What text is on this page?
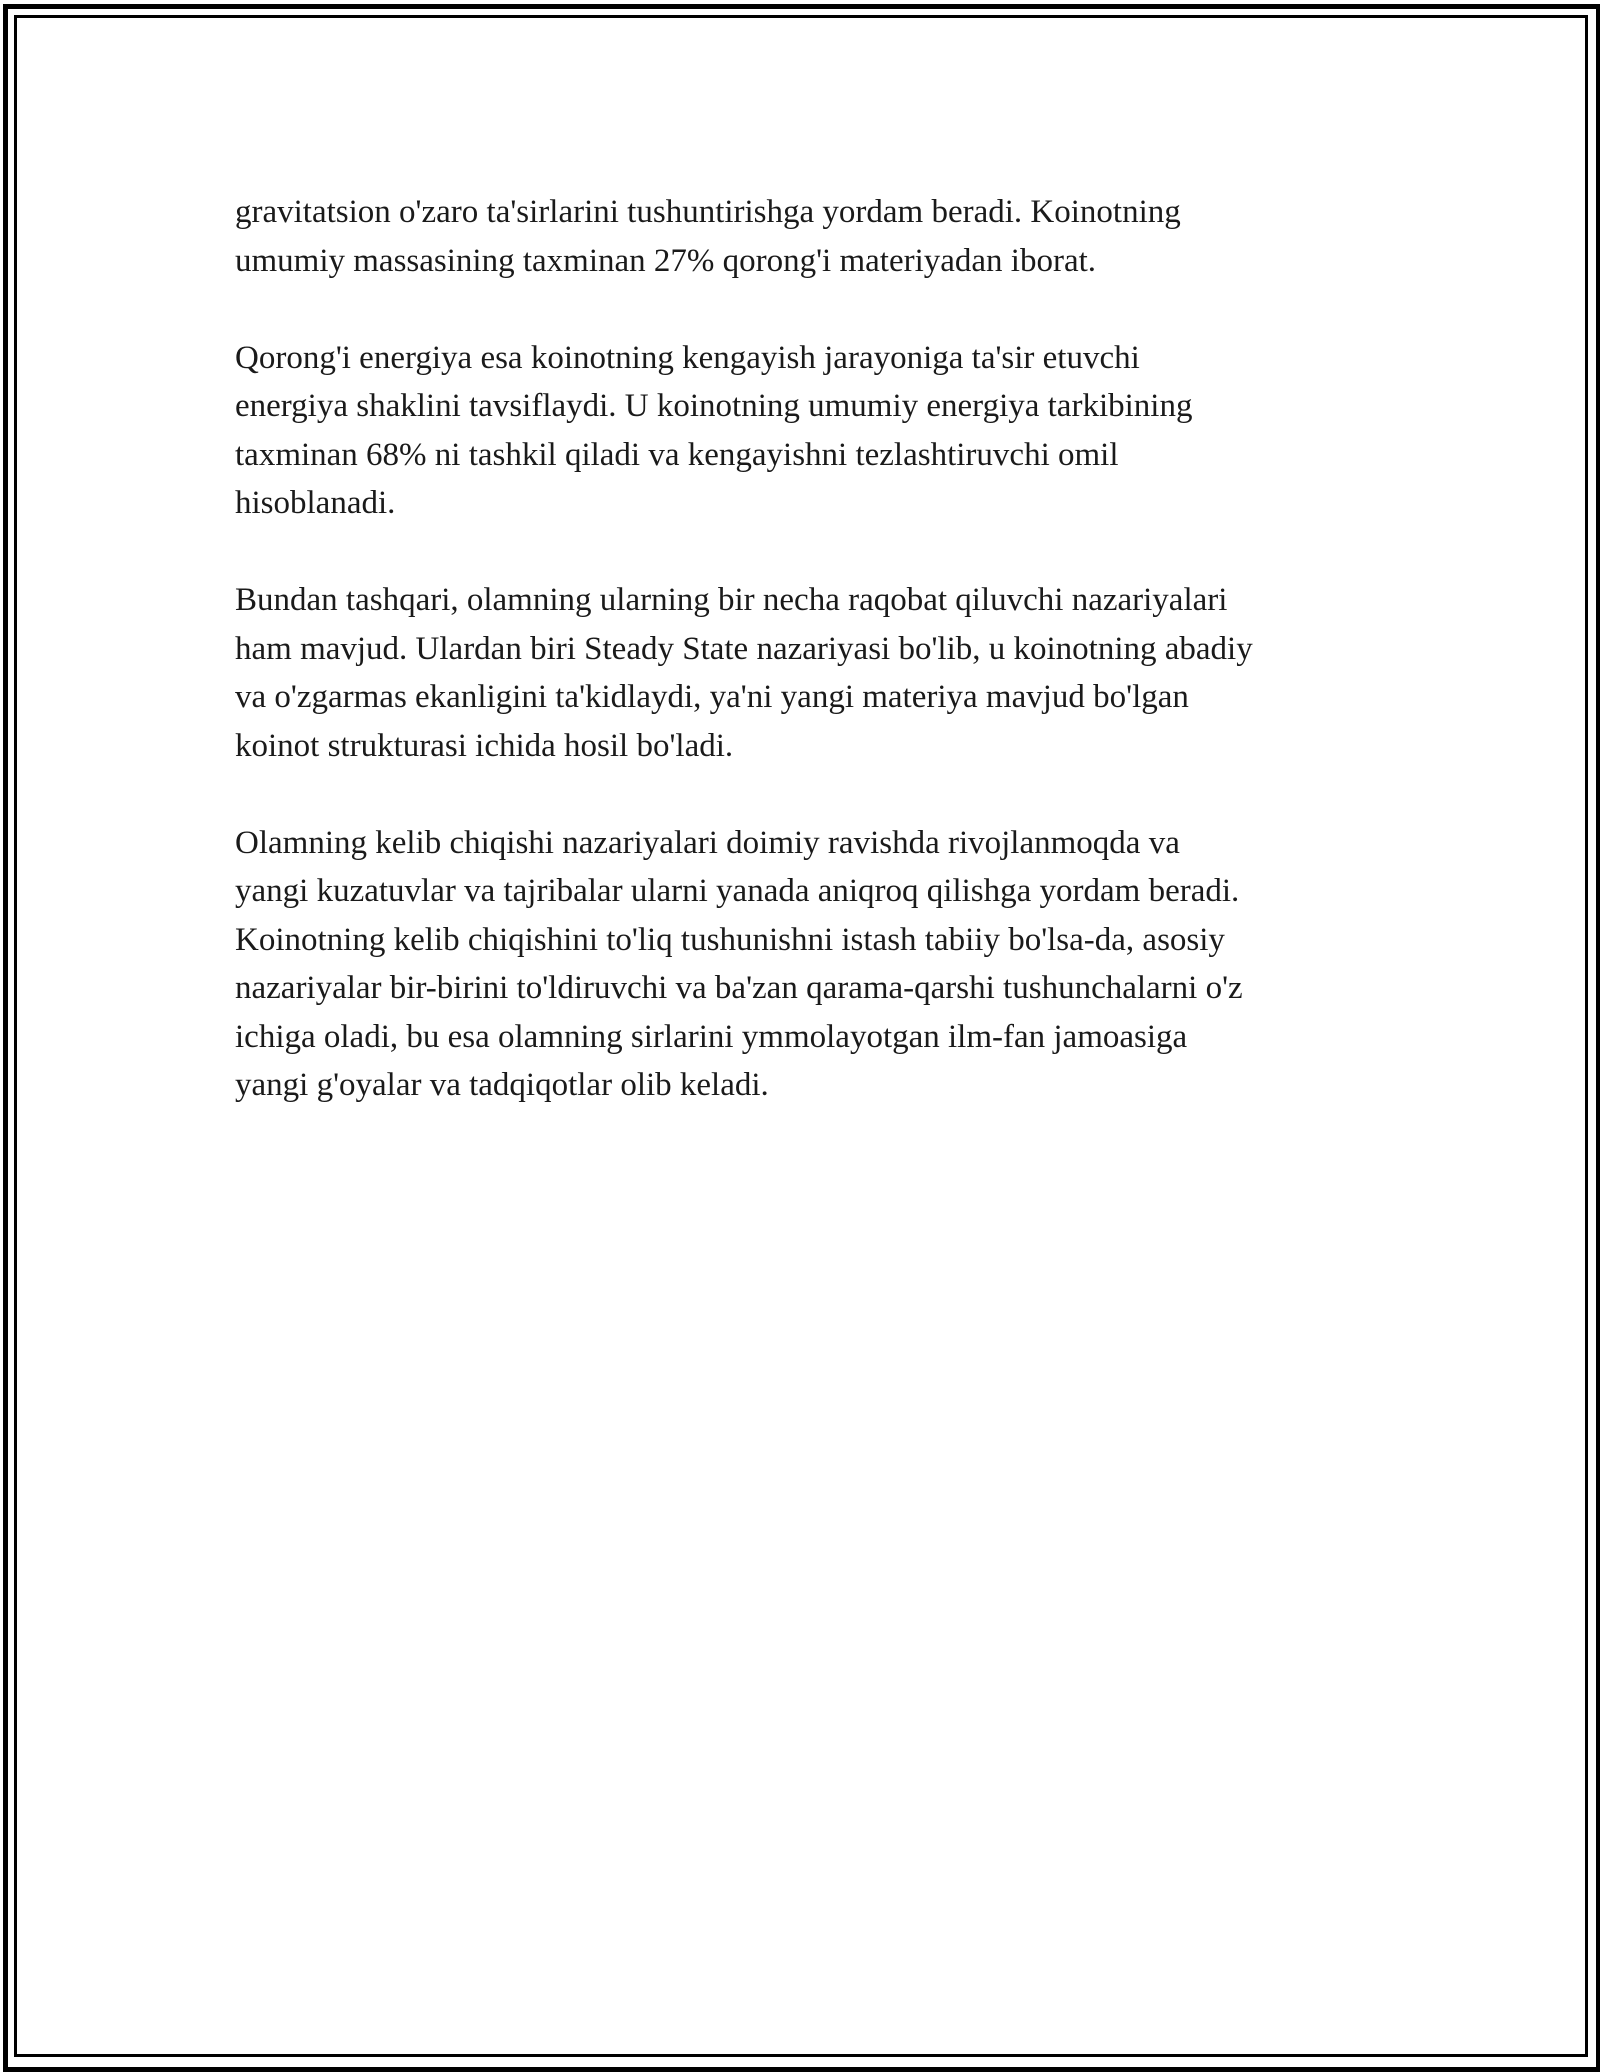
gravitatsion o'zaro ta'sirlarini tushuntirishga yordam beradi. Koinotning
umumiy massasining taxminan 27% qorong'i materiyadan iborat.

Qorong'i energiya esa koinotning kengayish jarayoniga ta'sir etuvchi
energiya shaklini tavsiflaydi. U koinotning umumiy energiya tarkibining
taxminan 68% ni tashkil qiladi va kengayishni tezlashtiruvchi omil
hisoblanadi.

Bundan tashqari, olamning ularning bir necha raqobat qiluvchi nazariyalari
ham mavjud. Ulardan biri Steady State nazariyasi bo'lib, u koinotning abadiy
va o'zgarmas ekanligini ta'kidlaydi, ya'ni yangi materiya mavjud bo'lgan
koinot strukturasi ichida hosil bo'ladi.

Olamning kelib chiqishi nazariyalari doimiy ravishda rivojlanmoqda va
yangi kuzatuvlar va tajribalar ularni yanada aniqroq qilishga yordam beradi.
Koinotning kelib chiqishini to'liq tushunishni istash tabiiy bo'lsa-da, asosiy
nazariyalar bir-birini to'ldiruvchi va ba'zan qarama-qarshi tushunchalarni o'z
ichiga oladi, bu esa olamning sirlarini ymmolayotgan ilm-fan jamoasiga
yangi g'oyalar va tadqiqotlar olib keladi.
